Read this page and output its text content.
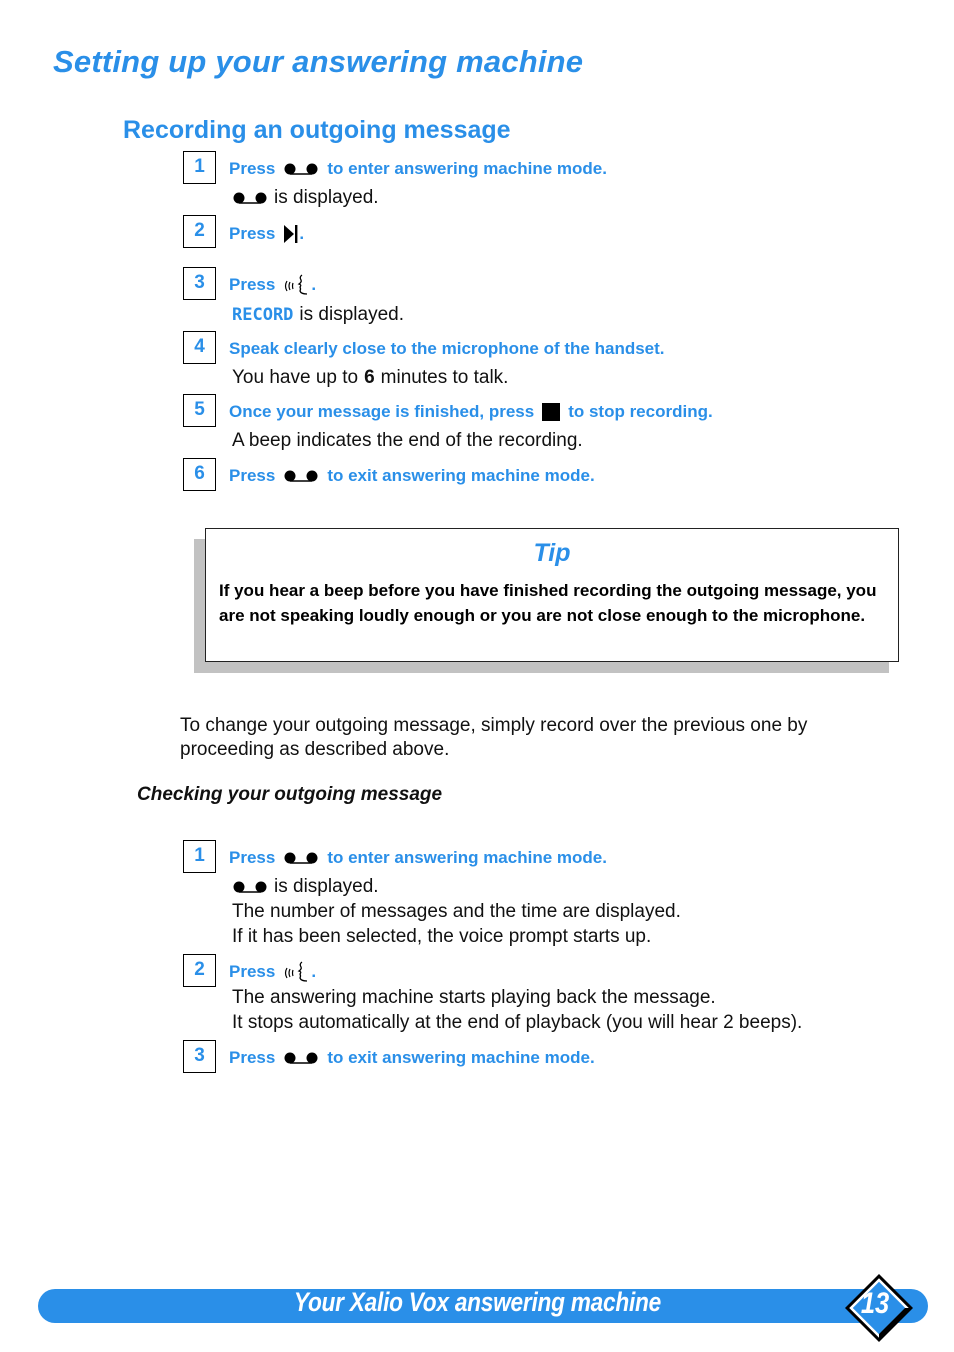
Setting up your answering machine
Recording an outgoing message
1	Press	to enter answering machine mode.
is displayed.
2	Press .
3	Press .
RECORD is displayed.
4	Speak clearly close to the microphone of the handset.
You have up to 6 minutes to talk.
5	Once your message is finished, press to stop recording.
A beep indicates the end of the recording.
6	Press	to exit answering machine mode.
Tip
If you hear a beep before you have finished recording the outgoing message, you are not speaking loudly enough or you are not close enough to the microphone.
To change your outgoing message, simply record over the previous one by proceeding as described above.
Checking your outgoing message
1	Press	to enter answering machine mode.
is displayed.
The number of messages and the time are displayed.
If it has been selected, the voice prompt starts up.
2	Press .
The answering machine starts playing back the message.
It stops automatically at the end of playback (you will hear 2 beeps).
3	Press	to exit answering machine mode.
Your Xalio Vox answering machine	13
